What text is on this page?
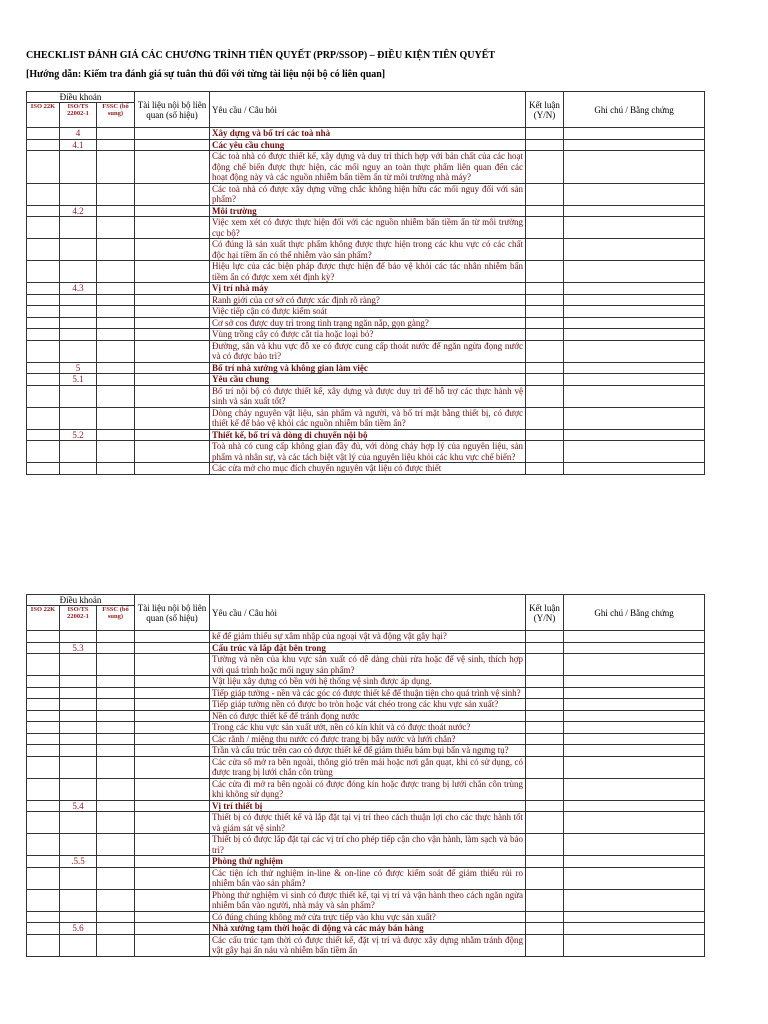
CHECKLIST ĐÁNH GIÁ CÁC CHƯƠNG TRÌNH TIÊN QUYẾT (PRP/SSOP) – ĐIỀU KIỆN TIÊN QUYẾT
[Hướng dẫn: Kiểm tra đánh giá sự tuân thủ đối với từng tài liệu nội bộ có liên quan]
Điều khoản			Tài liệu nội bộ liên quan (số hiệu)	Yêu cầu / Câu hỏi	Kết luận (Y/N)	Ghi chú / Bằng chứng
ISO 22K	ISO/TS 22002-1	FSSC (bổ sung)				
	4			Xây dựng và bố trí các toà nhà		
	4.1			Các yêu cầu chung		
				Các toà nhà có được thiết kế, xây dựng và duy trì thích hợp với bản chất của các hoạt động chế biến được thực hiện, các mối nguy an toàn thực phẩm liên quan đến các hoạt động này và các nguồn nhiễm bẩn tiềm ẩn từ môi trường nhà máy?		
				Các toà nhà có được xây dựng vững chắc không hiện hữu các mối nguy đối với sản phẩm?		
	4.2			Môi trường		
				Việc xem xét có được thực hiện đối với các nguồn nhiễm bẩn tiềm ẩn từ môi trường cục bộ?		
				Có đúng là sản xuất thực phẩm không được thực hiện trong các khu vực có các chất độc hại tiềm ẩn có thể nhiễm vào sản phẩm?		
				Hiệu lực của các biện pháp được thực hiện để bảo vệ khỏi các tác nhân nhiễm bẩn tiềm ẩn có được xem xét định kỳ?		
	4.3			Vị trí nhà máy		
				Ranh giới của cơ sở có được xác định rõ ràng?		
				Việc tiếp cận có được kiểm soát		
				Cơ sở cos được duy trì trong tình trạng ngăn nắp, gọn gàng?		
				Vùng trồng cây có được cắt tỉa hoặc loại bỏ?		
				Đường, sân và khu vực đỗ xe có được cung cấp thoát nước để ngăn ngừa đọng nước và có được bảo trì?		
	5			Bố trí nhà xưởng và không gian làm việc		
	5.1			Yêu cầu chung		
				Bố trí nội bộ có được thiết kế, xây dựng và được duy trì để hỗ trợ các thực hành vệ sinh và sản xuất tốt?		
				Dòng chảy nguyên vật liệu, sản phẩm và người, và bố trí mặt bằng thiết bị, có được thiết kế để bảo vệ khỏi các nguồn nhiễm bẩn tiềm ẩn?		
	5.2			Thiết kế, bố trí và dòng di chuyển nội bộ		
				Toà nhà có cung cấp không gian đầy đủ, với dòng chảy hợp lý của nguyên liệu, sản phẩm và nhân sự, và các tách biệt vật lý của nguyên liệu khỏi các khu vực chế biến?		
				Các cửa mở cho mục đích chuyển nguyên vật liệu có được thiết		
Điều khoản			Tài liệu nội bộ liên quan (số hiệu)	Yêu cầu / Câu hỏi	Kết luận (Y/N)	Ghi chú / Bằng chứng
ISO 22K	ISO/TS 22002-1	FSSC (bổ sung)				
				kế để giảm thiểu sự xâm nhập của ngoại vật và động vật gây hại?		
	5.3			Cấu trúc và lắp đặt bên trong		
				Tường và nền của khu vực sản xuất có dễ dàng chùi rửa hoặc để vệ sinh, thích hợp với quá trình hoặc mối nguy sản phẩm?		
				Vật liệu xây dựng có bền với hệ thống vệ sinh được áp dụng.		
				Tiếp giáp tường - nền và các góc có được thiết kế để thuận tiện cho quá trình vệ sinh?		
				Tiếp giáp tường nền có được bo tròn hoặc vát chéo trong các khu vực sản xuất?		
				Nền có được thiết kế để tránh đọng nước		
				Trong các khu vực sản xuất ướt, nền có kín khít và có được thoát nước?		
				Các rãnh / miệng thu nước có được trang bị bẫy nước và lưới chắn?		
				Trần và cấu trúc trên cao có được thiết kế để giảm thiểu bám bụi bẩn và ngưng tụ?		
				Các cửa sổ mở ra bên ngoài, thông gió trên mái hoặc nơi gắn quạt, khi có sử dụng, có được trang bị lưới chắn côn trùng		
				Các cửa đi mở ra bên ngoài có được đóng kín hoặc được trang bị lưới chắn côn trùng khi không sử dụng?		
	5.4			Vị trí thiết bị		
				Thiết bị có được thiết kế và lắp đặt tại vị trí theo cách thuận lợi cho các thực hành tốt và giám sát vệ sinh?		
				Thiết bị có được lắp đặt tại các vị trí cho phép tiếp cận cho vận hành, làm sạch và bảo trì?		
	.5.5			Phòng thử nghiệm		
				Các tiện ích thử nghiệm in-line & on-line có được kiểm soát để giảm thiểu rủi ro nhiễm bẩn vào sản phẩm?		
				Phòng thử nghiệm vi sinh có được thiết kế, tại vị trí và vận hành theo cách ngăn ngừa nhiễm bẩn vào người, nhà máy và sản phẩm?		
				Có đúng chúng không mở cửa trực tiếp vào khu vực sản xuất?		
	5.6			Nhà xưởng tạm thời hoặc di động và các máy bán hàng		
				Các cấu trúc tạm thời có được thiết kế, đặt vị trí và được xây dựng nhằm tránh động vật gây hại ẩn náu và nhiễm bẩn tiềm ẩn		
